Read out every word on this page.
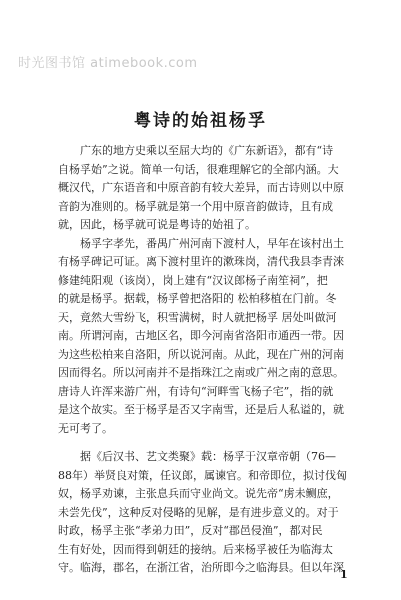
时光图书馆 atimebook.com
粤诗的始祖杨孚
广东的地方史乘以至屈大均的《广东新语》，都有“诗
自杨孚始”之说。简单一句话，很难理解它的全部内涵。大
概汉代，广东语音和中原音韵有较大差异，而古诗则以中原
音韵为准则的。杨孚就是第一个用中原音韵做诗，且有成
就，因此，杨孚就可说是粤诗的始祖了。
杨孚字孝先，番禺广州河南下渡村人，早年在该村出土
有杨孚碑记可证。离下渡村里许的漱珠岗，清代我县李青淶
修建纯阳观（该岗），岗上建有“汉议郎杨子南笙祠”，把
的就是杨孚。据载，杨孚曾把洛阳的 松柏移植在门前。冬
天，竟然大雪纷飞，积雪满树，时人就把杨孚 居处叫做河
南。所谓河南，古地区名，即今河南省洛阳市通西一带。因
为这些松柏来自洛阳，所以说河南。从此，现在广州的河南
因而得名。所以河南并不是指珠江之南或广州之南的意思。
唐诗人许浑来游广州，有诗句“河畔雪飞杨子宅”，指的就
是这个故实。至于杨孚是否又字南雪，还是后人私谥的，就
无可考了。
据《后汉书、艺文类聚》载：杨孚于汉章帝朝（76—
88年）举贤良对策，任议郎，属谏官。和帝即位，拟讨伐匈
奴，杨孚劝谏，主张息兵而守业尚文。说先帝“虏未鲗庶，
未尝先伐”，这种反对侵略的见解，是有进步意义的。对于
时政，杨孚主张“孝弟力田”，反对“郡邑侵渔”，都对民
生有好处，因而得到朝廷的接纳。后来杨孚被任为临海太
守。临海，郡名，在浙江省，治所即今之临海县。但以年深
1
